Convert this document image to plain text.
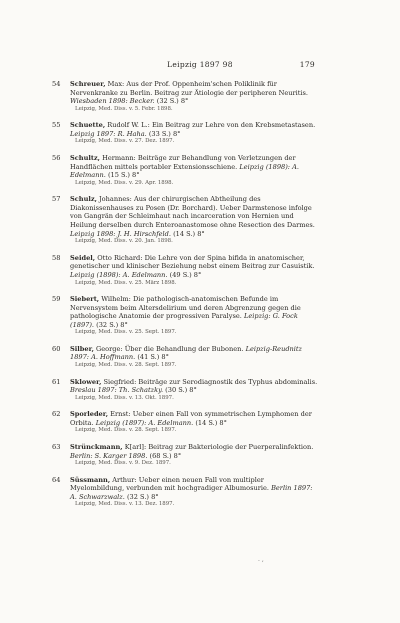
Leipzig 1897 98	179
54 Schreuer, Max: Aus der Prof. Oppenheim'schen Poliklinik für Nervenkranke zu Berlin. Beitrag zur Ätiologie der peripheren Neuritis. Wiesbaden 1898: Becker. (32 S.) 8°
Leipzig, Med. Diss. v. 5. Febr. 1898.
55 Schuette, Rudolf W. L.: Ein Beitrag zur Lehre von den Krebsmetastasen. Leipzig 1897: R. Haha. (33 S.) 8°
Leipzig, Med. Diss. v. 27. Dez. 1897.
56 Schultz, Hermann: Beiträge zur Behandlung von Verletzungen der Handflächen mittels portabler Extensionsschiene. Leipzig (1898): A. Edelmann. (15 S.) 8°
Leipzig, Med. Diss. v. 29. Apr. 1898.
57 Schulz, Johannes: Aus der chirurgischen Abtheilung des Diakonissenhauses zu Posen (Dr. Borchard). Ueber Darmstenose infolge von Gangrän der Schleimhaut nach incarceration von Hernien und Heilung derselben durch Enteroanastomose ohne Resection des Darmes. Leipzig 1898: J. H. Hirschfeld. (14 S.) 8°
Leipzig, Med. Diss. v. 20. Jan. 1898.
58 Seidel, Otto Richard: Die Lehre von der Spina bifida in anatomischer, genetischer und klinischer Beziehung nebst einem Beitrag zur Casuistik. Leipzig (1898): A. Edelmann. (49 S.) 8°
Leipzig, Med. Diss. v. 25. März 1898.
59 Siebert, Wilhelm: Die pathologisch-anatomischen Befunde im Nervensystem beim Altersdelirium und deren Abgrenzung gegen die pathologische Anatomie der progressiven Paralyse. Leipzig: G. Fock (1897). (32 S.) 8°
Leipzig, Med. Diss. v. 25. Sept. 1897.
60 Silber, George: Über die Behandlung der Bubonen. Leipzig-Reudnitz 1897: A. Hoffmann. (41 S.) 8°
Leipzig, Med. Diss. v. 28. Sept. 1897.
61 Sklower, Siegfried: Beiträge zur Serodiagnostik des Typhus abdominalis. Breslau 1897: Th. Schatzky. (30 S.) 8°
Leipzig, Med. Diss. v. 13. Okt. 1897.
62 Sporleder, Ernst: Ueber einen Fall von symmetrischen Lymphomen der Orbita. Leipzig (1897): A. Edelmann. (14 S.) 8°
Leipzig, Med. Diss. v. 28. Sept. 1897.
63 Strünckmann, K[arl]: Beitrag zur Bakteriologie der Puerperalinfektion. Berlin: S. Karger 1898. (68 S.) 8°
Leipzig, Med. Diss. v. 9. Dez. 1897.
64 Süssmann, Arthur: Ueber einen neuen Fall von multipler Myelombildung, verbunden mit hochgradiger Albumosurie. Berlin 1897: A. Schwarzwalz. (32 S.) 8°
Leipzig, Med. Diss. v. 13. Dez. 1897.
. ,
